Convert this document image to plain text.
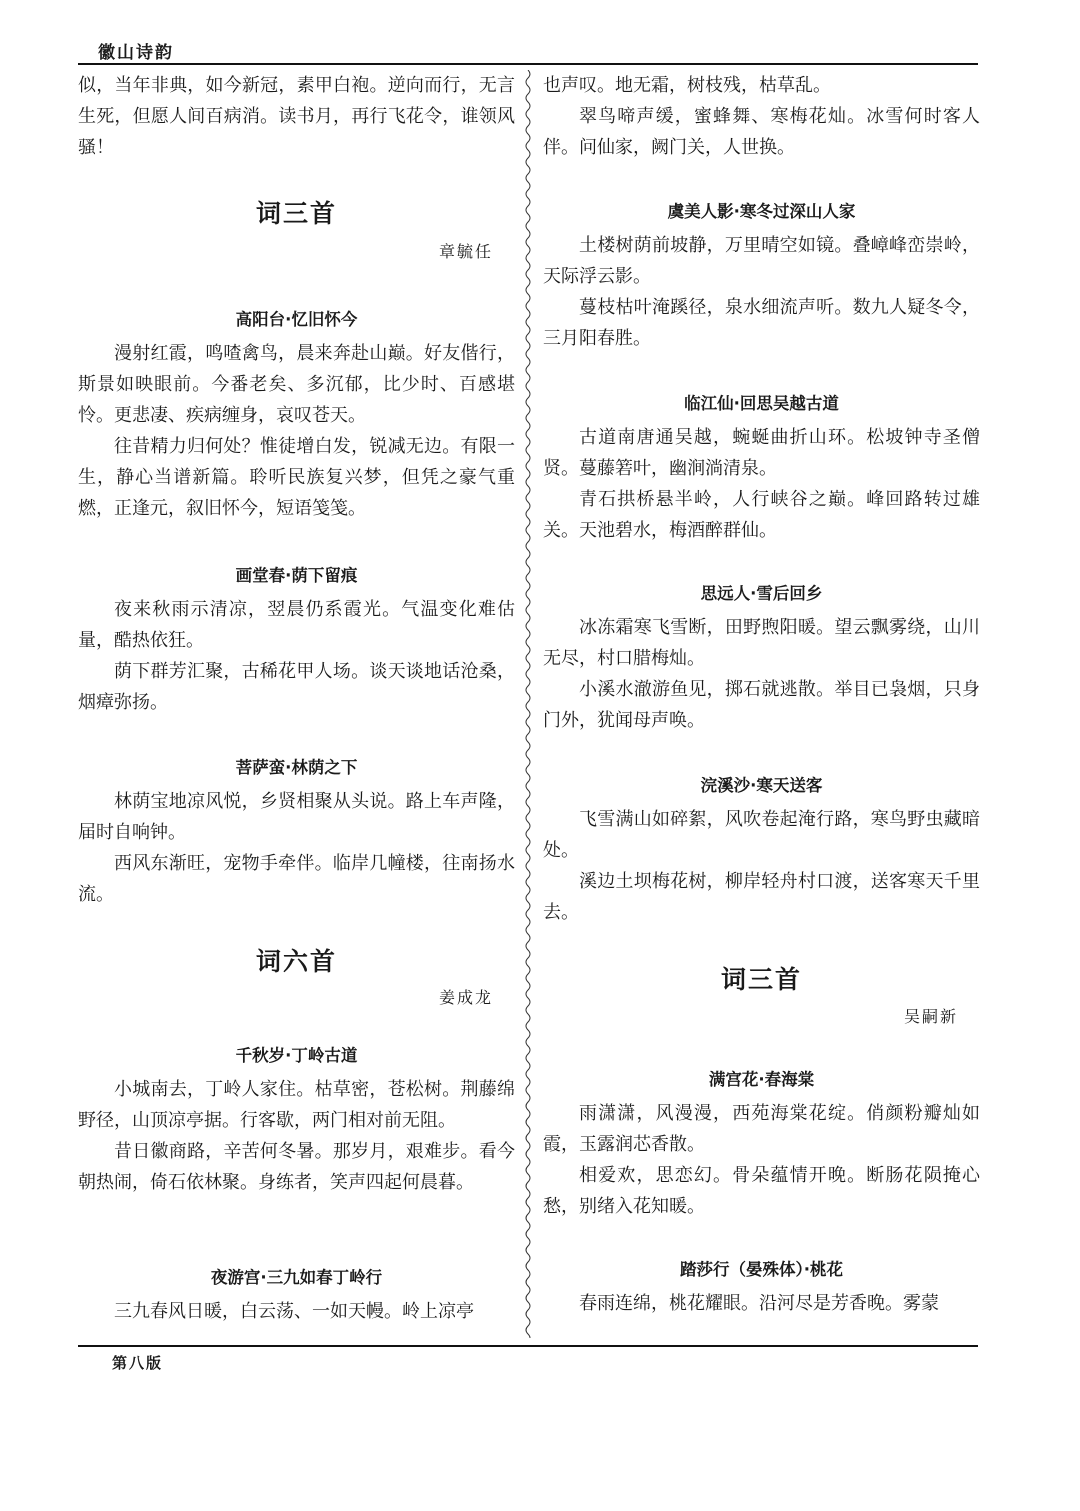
徽山诗韵

似，当年非典，如今新冠，素甲白袍。逆向而行，无言生死，但愿人间百病消。读书月，再行飞花令，谁领风骚！

词三首

章毓任

高阳台·忆旧怀今

漫射红霞，鸣喳禽鸟，晨来奔赴山巅。好友偕行，斯景如映眼前。今番老矣、多沉郁，比少时、百感堪怜。更悲凄、疾病缠身，哀叹苍天。

往昔精力归何处？惟徒增白发，锐减无边。有限一生，静心当谱新篇。聆听民族复兴梦，但凭之豪气重燃，正逢元，叙旧怀今，短语笺笺。

画堂春·荫下留痕

夜来秋雨示清凉，翌晨仍系霞光。气温变化难估量，酷热依狂。

荫下群芳汇聚，古稀花甲人场。谈天谈地话沧桑，烟瘴弥扬。

菩萨蛮·林荫之下

林荫宝地凉风悦，乡贤相聚从头说。路上车声隆，届时自响钟。

西风东渐旺，宠物手牵伴。临岸几幢楼，往南扬水流。

词六首

姜成龙

千秋岁·丁岭古道

小城南去，丁岭人家住。枯草密，苍松树。荆藤绵野径，山顶凉亭据。行客歇，两门相对前无阻。

昔日徽商路，辛苦何冬暑。那岁月，艰难步。看今朝热闹，倚石依林聚。身练者，笑声四起何晨暮。

夜游宫·三九如春丁岭行

三九春风日暖，白云荡、一如天幔。岭上凉亭

也声叹。地无霜，树枝残，枯草乱。

翠鸟啼声缓，蜜蜂舞、寒梅花灿。冰雪何时客人伴。问仙家，阙门关，人世换。

虞美人影·寒冬过深山人家

土楼树荫前坡静，万里晴空如镜。叠嶂峰峦崇岭，天际浮云影。

蔓枝枯叶淹蹊径，泉水细流声听。数九人疑冬令，三月阳春胜。

临江仙·回思吴越古道

古道南唐通吴越，蜿蜒曲折山环。松坡钟寺圣僧贤。蔓藤箬叶，幽涧淌清泉。

青石拱桥悬半岭，人行峡谷之巅。峰回路转过雄关。天池碧水，梅酒醉群仙。

思远人·雪后回乡

冰冻霜寒飞雪断，田野煦阳暖。望云飘雾绕，山川无尽，村口腊梅灿。

小溪水澈游鱼见，掷石就逃散。举目已袅烟，只身门外，犹闻母声唤。

浣溪沙·寒天送客

飞雪满山如碎絮，风吹卷起淹行路，寒鸟野虫藏暗处。

溪边土坝梅花树，柳岸轻舟村口渡，送客寒天千里去。

词三首

吴嗣新

满宫花·春海棠

雨潇潇，风漫漫，西苑海棠花绽。俏颜粉瓣灿如霞，玉露润芯香散。

相爱欢，思恋幻。骨朵蕴情开晚。断肠花陨掩心愁，别绪入花知暖。

踏莎行（晏殊体）·桃花

春雨连绵，桃花耀眼。沿河尽是芳香晚。雾蒙

第八版
